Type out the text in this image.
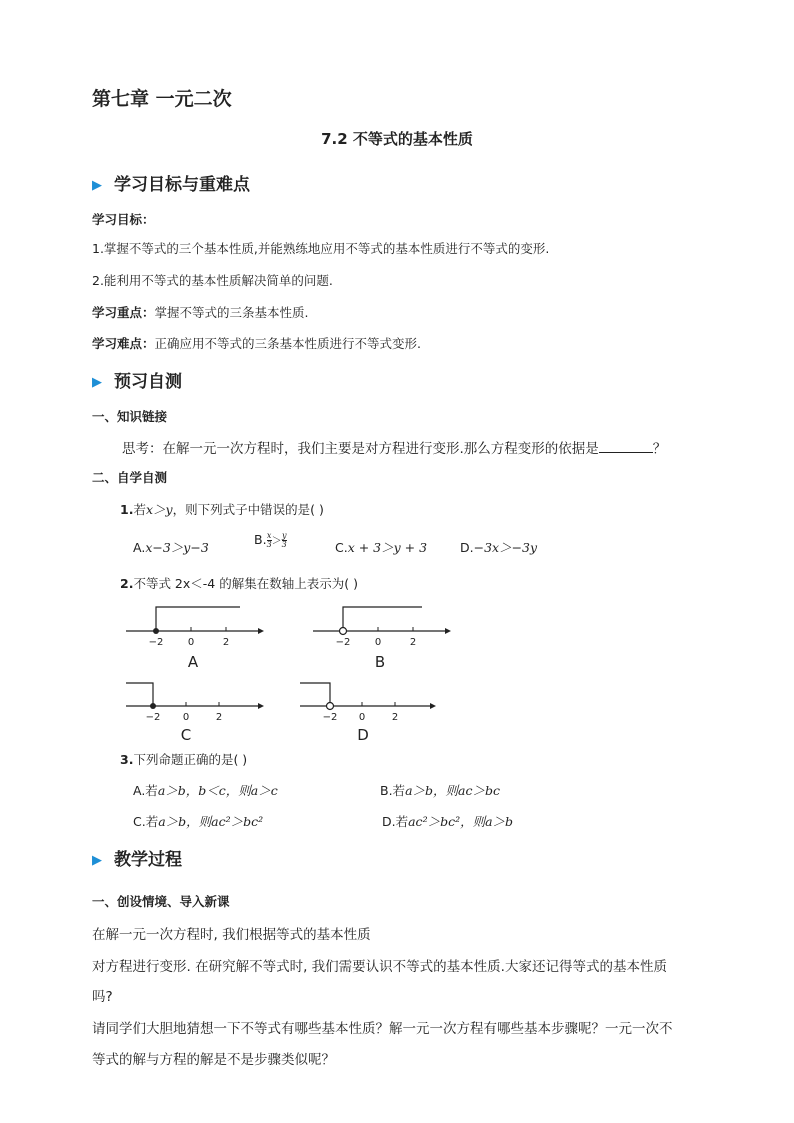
第七章 一元二次
7.2 不等式的基本性质
▶ 学习目标与重难点
学习目标：
1.掌握不等式的三个基本性质,并能熟练地应用不等式的基本性质进行不等式的变形.
2.能利用不等式的基本性质解决简单的问题.
学习重点：掌握不等式的三条基本性质.
学习难点：正确应用不等式的三条基本性质进行不等式变形.
▶ 预习自测
一、知识链接
思考：在解一元一次方程时，我们主要是对方程进行变形.那么方程变形的依据是	？
二、自学自测
1.若x＞y，则下列式子中错误的是( )
A.x−3＞y−3
B. $\frac{x}{3} > \frac{y}{3}$	C.x + 3＞y + 3	D.−3x＞−3y
2.不等式 2x＜-4 的解集在数轴上表示为( )
−2 0	2	−2 0	2
−2 0	2	−2 0	2
A	B
C	D
3.下列命题正确的是( )
A.若a＞b，b＜c，则a＞c	B.若a＞b，则ac＞bc
C.若a＞b，则ac²＞bc²	D.若ac²＞bc²，则a＞b
▶ 教学过程
一、创设情境、导入新课
在解一元一次方程时, 我们根据等式的基本性质
对方程进行变形. 在研究解不等式时, 我们需要认识不等式的基本性质.大家还记得等式的基本性质
吗?
请同学们大胆地猜想一下不等式有哪些基本性质？解一元一次方程有哪些基本步骤呢？一元一次不
等式的解与方程的解是不是步骤类似呢？
